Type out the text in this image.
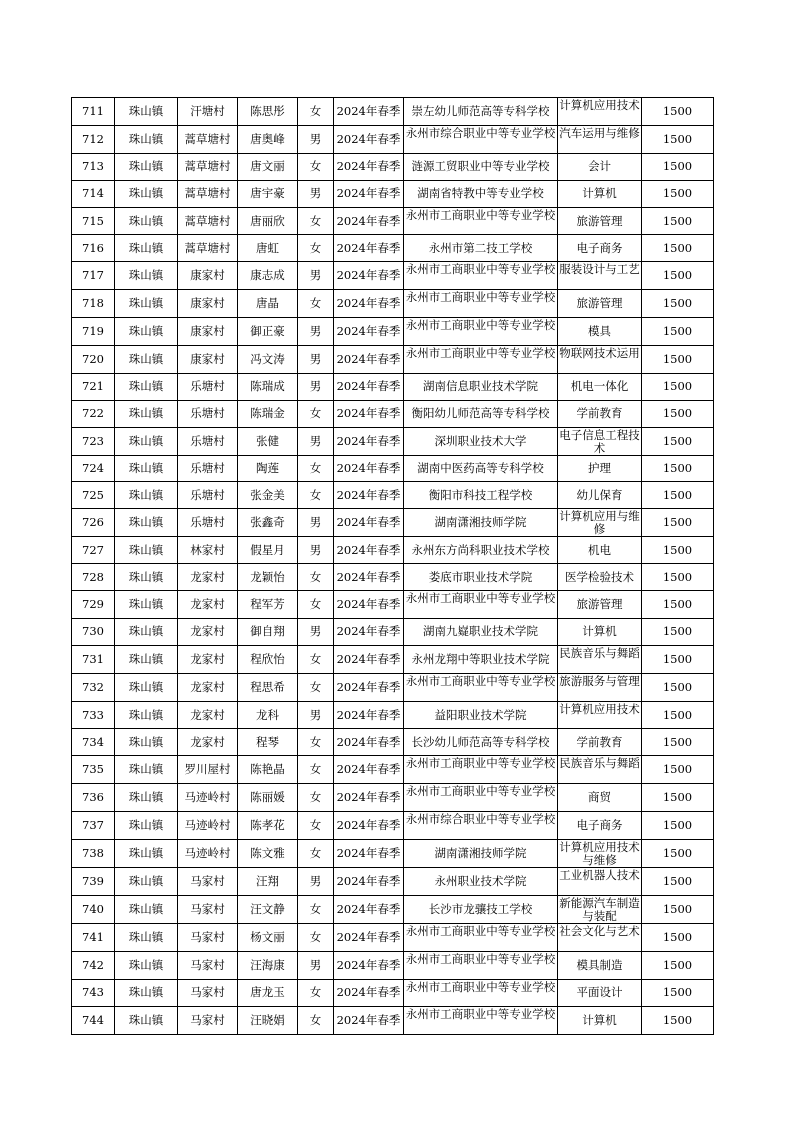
711	珠山镇	汗塘村	陈思彤	女	2024年春季	崇左幼儿师范高等专科学校	计算机应用技术	1500

712	珠山镇	蒿草塘村	唐奥峰	男	2024年春季	永州市综合职业中等专业学校	汽车运用与维修	1500

713	珠山镇	蒿草塘村	唐文丽	女	2024年春季	涟源工贸职业中等专业学校	会计	1500

714	珠山镇	蒿草塘村	唐宇豪	男	2024年春季	湖南省特教中等专业学校	计算机	1500

715	珠山镇	蒿草塘村	唐丽欣	女	2024年春季	永州市工商职业中等专业学校	旅游管理	1500

716	珠山镇	蒿草塘村	唐虹	女	2024年春季	永州市第二技工学校	电子商务	1500

717	珠山镇	康家村	康志成	男	2024年春季	永州市工商职业中等专业学校	服装设计与工艺	1500

718	珠山镇	康家村	唐晶	女	2024年春季	永州市工商职业中等专业学校	旅游管理	1500

719	珠山镇	康家村	御正豪	男	2024年春季	永州市工商职业中等专业学校	模具	1500

720	珠山镇	康家村	冯文涛	男	2024年春季	永州市工商职业中等专业学校	物联网技术运用	1500

721	珠山镇	乐塘村	陈瑞成	男	2024年春季	湖南信息职业技术学院	机电一体化	1500

722	珠山镇	乐塘村	陈瑞金	女	2024年春季	衡阳幼儿师范高等专科学校	学前教育	1500

723	珠山镇	乐塘村	张健	男	2024年春季	深圳职业技术大学	电子信息工程技术	1500

724	珠山镇	乐塘村	陶莲	女	2024年春季	湖南中医药高等专科学校	护理	1500

725	珠山镇	乐塘村	张金美	女	2024年春季	衡阳市科技工程学校	幼儿保育	1500

726	珠山镇	乐塘村	张鑫奇	男	2024年春季	湖南潇湘技师学院	计算机应用与维修	1500

727	珠山镇	林家村	假星月	男	2024年春季	永州东方尚科职业技术学校	机电	1500

728	珠山镇	龙家村	龙颖怡	女	2024年春季	娄底市职业技术学院	医学检验技术	1500

729	珠山镇	龙家村	程军芳	女	2024年春季	永州市工商职业中等专业学校	旅游管理	1500

730	珠山镇	龙家村	御自翔	男	2024年春季	湖南九嶷职业技术学院	计算机	1500

731	珠山镇	龙家村	程欣怡	女	2024年春季	永州龙翔中等职业技术学院	民族音乐与舞蹈	1500

732	珠山镇	龙家村	程思希	女	2024年春季	永州市工商职业中等专业学校	旅游服务与管理	1500

733	珠山镇	龙家村	龙科	男	2024年春季	益阳职业技术学院	计算机应用技术	1500

734	珠山镇	龙家村	程琴	女	2024年春季	长沙幼儿师范高等专科学校	学前教育	1500

735	珠山镇	罗川屋村	陈艳晶	女	2024年春季	永州市工商职业中等专业学校	民族音乐与舞蹈	1500

736	珠山镇	马迹岭村	陈丽媛	女	2024年春季	永州市工商职业中等专业学校	商贸	1500

737	珠山镇	马迹岭村	陈孝花	女	2024年春季	永州市综合职业中等专业学校	电子商务	1500

738	珠山镇	马迹岭村	陈文雅	女	2024年春季	湖南潇湘技师学院	计算机应用技术与维修	1500

739	珠山镇	马家村	汪翔	男	2024年春季	永州职业技术学院	工业机器人技术	1500

740	珠山镇	马家村	汪文静	女	2024年春季	长沙市龙骧技工学校	新能源汽车制造与装配	1500

741	珠山镇	马家村	杨文丽	女	2024年春季	永州市工商职业中等专业学校	社会文化与艺术	1500

742	珠山镇	马家村	汪海康	男	2024年春季	永州市工商职业中等专业学校	模具制造	1500

743	珠山镇	马家村	唐龙玉	女	2024年春季	永州市工商职业中等专业学校	平面设计	1500

744	珠山镇	马家村	汪晓娟	女	2024年春季	永州市工商职业中等专业学校	计算机	1500
